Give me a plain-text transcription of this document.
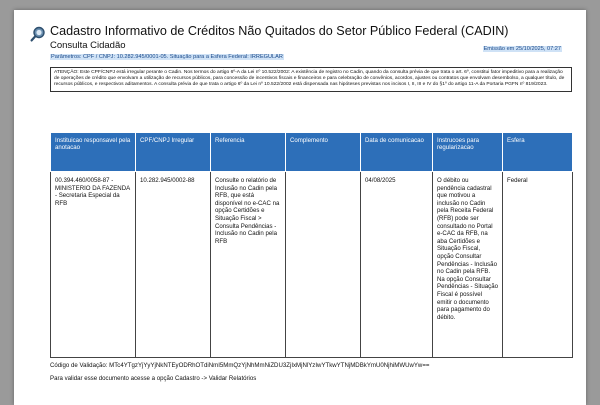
Cadastro Informativo de Créditos Não Quitados do Setor Público Federal (CADIN)
Consulta Cidadão	Emissão em 25/10/2025, 07:27
Parâmetros: CPF / CNPJ: 10.282.945/0001-05. Situação para a Esfera Federal: IRREGULAR
ATENÇÃO: Este CPF/CNPJ está irregular perante o Cadin. Nos termos do artigo 6º-A da Lei nº 10.522/2002: A existência de registro no Cadin, quando da consulta prévia de que trata o art. 6º, constitui fator impeditivo para a realização de operações de crédito que envolvam a utilização de recursos públicos, para concessão de incentivos fiscais e financeiros e para celebração de convênios, acordos, ajustes ou contratos que envolvam desembolso, a qualquer título, de recursos públicos, e respectivos aditamentos. A consulta prévia de que trata o artigo 6º da Lei nº 10.522/2002 está dispensada nas hipóteses previstas nos incisos I, II, III e IV do §1º do artigo 11-A da Portaria PGFN nº 819/2023.
Instituicao responsavel pela anotacao	CPF/CNPJ Irregular	Referencia	Complemento	Data de comunicacao	Instrucoes para regularizacao	Esfera
00.394.460/0058-87 - MINISTERIO DA FAZENDA - Secretaria Especial da RFB	10.282.945/0002-88	Consulte o relatório de Inclusão no Cadin pela RFB, que está disponível no e-CAC na opção Certidões e Situação Fiscal > Consulta Pendências - Inclusão no Cadin pela RFB		04/08/2025	O débito ou pendência cadastral que motivou a inclusão no Cadin pela Receita Federal (RFB) pode ser consultado no Portal e-CAC da RFB, na aba Certidões e Situação Fiscal, opção Consultar Pendências - Inclusão no Cadin pela RFB. Na opção Consultar Pendências - Situação Fiscal é possível emitir o documento para pagamento do débito.	Federal
Código de Validação: MTc4YTgzYjYyYjNkNTEyODRhOTdiNmI5MmQzYjNhMmNiZDU3ZjIxMjNlYzIwYTkwYTNjMDBkYmU0NjhiMWUwYw==
Para validar esse documento acesse a opção Cadastro -> Validar Relatórios
